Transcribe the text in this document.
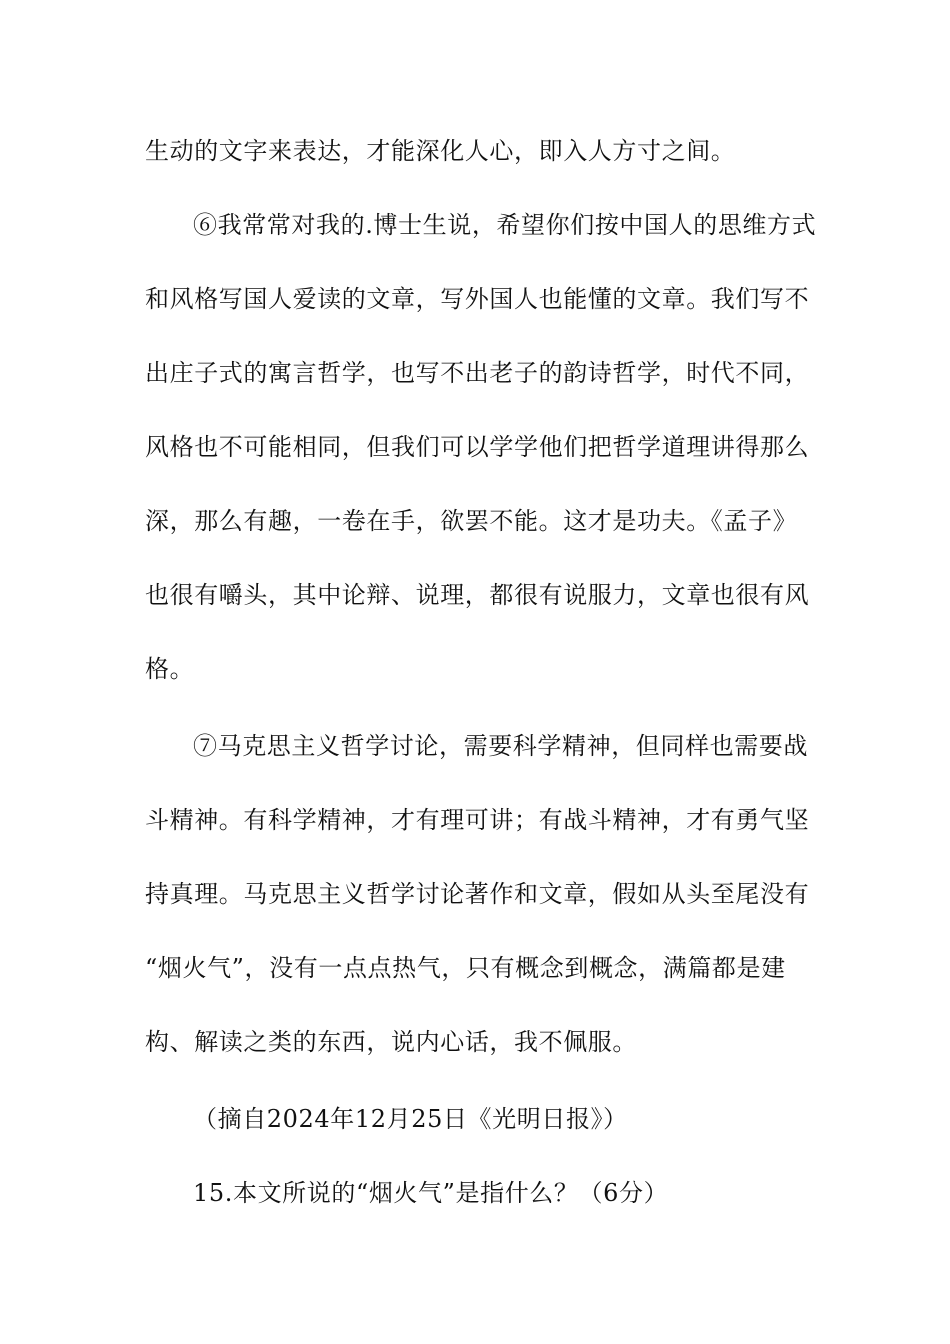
生动的文字来表达，才能深化人心，即入人方寸之间。
⑥我常常对我的.博士生说，希望你们按中国人的思维方式
和风格写国人爱读的文章，写外国人也能懂的文章。我们写不
出庄子式的寓言哲学，也写不出老子的韵诗哲学，时代不同，
风格也不可能相同，但我们可以学学他们把哲学道理讲得那么
深，那么有趣，一卷在手，欲罢不能。这才是功夫。《孟子》
也很有嚼头，其中论辩、说理，都很有说服力，文章也很有风
格。
⑦马克思主义哲学讨论，需要科学精神，但同样也需要战
斗精神。有科学精神，才有理可讲；有战斗精神，才有勇气坚
持真理。马克思主义哲学讨论著作和文章，假如从头至尾没有
“烟火气”，没有一点点热气，只有概念到概念，满篇都是建
构、解读之类的东西，说内心话，我不佩服。
（摘自2024年12月25日《光明日报》）
15.本文所说的“烟火气”是指什么？（6分）
